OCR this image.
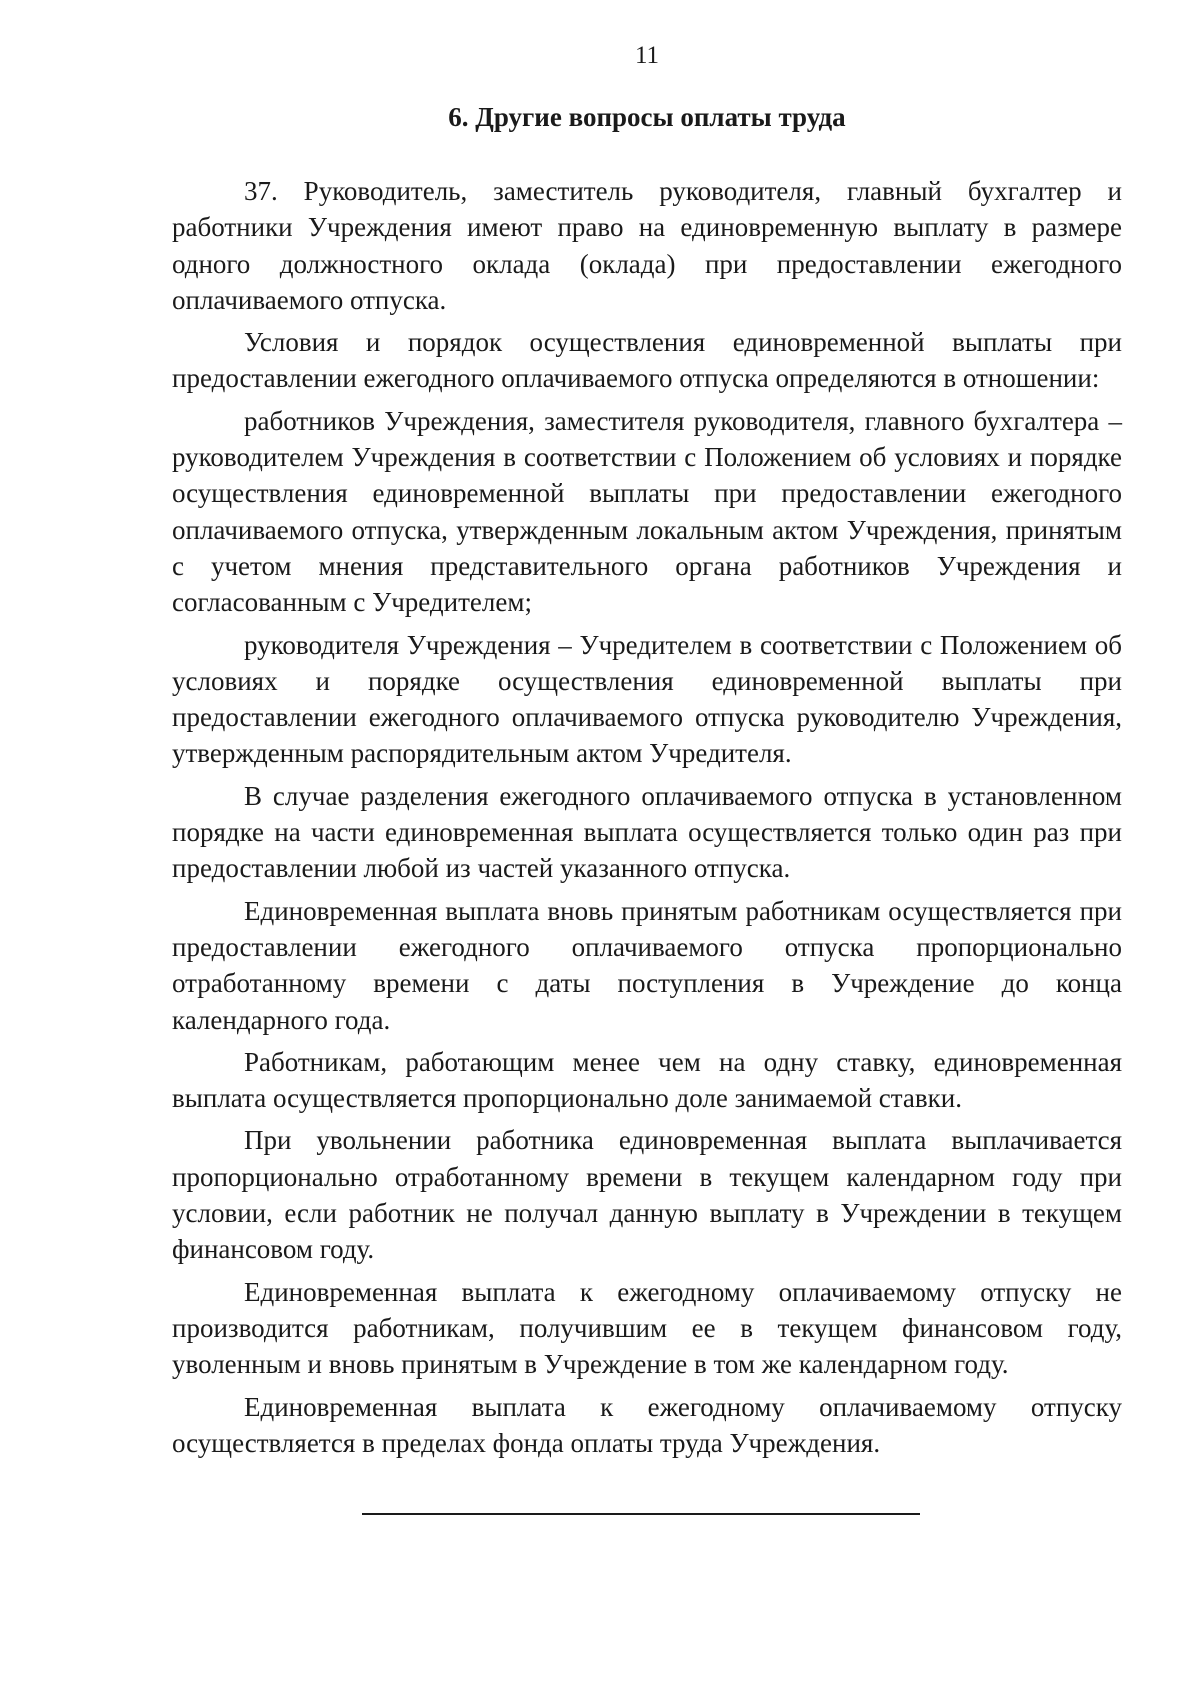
11
6. Другие вопросы оплаты труда

37. Руководитель, заместитель руководителя, главный бухгалтер и работники Учреждения имеют право на единовременную выплату в размере одного должностного оклада (оклада) при предоставлении ежегодного оплачиваемого отпуска.

Условия и порядок осуществления единовременной выплаты при предоставлении ежегодного оплачиваемого отпуска определяются в отношении:

работников Учреждения, заместителя руководителя, главного бухгалтера – руководителем Учреждения в соответствии с Положением об условиях и порядке осуществления единовременной выплаты при предоставлении ежегодного оплачиваемого отпуска, утвержденным локальным актом Учреждения, принятым с учетом мнения представительного органа работников Учреждения и согласованным с Учредителем;

руководителя Учреждения – Учредителем в соответствии с Положением об условиях и порядке осуществления единовременной выплаты при предоставлении ежегодного оплачиваемого отпуска руководителю Учреждения, утвержденным распорядительным актом Учредителя.

В случае разделения ежегодного оплачиваемого отпуска в установленном порядке на части единовременная выплата осуществляется только один раз при предоставлении любой из частей указанного отпуска.

Единовременная выплата вновь принятым работникам осуществляется при предоставлении ежегодного оплачиваемого отпуска пропорционально отработанному времени с даты поступления в Учреждение до конца календарного года.

Работникам, работающим менее чем на одну ставку, единовременная выплата осуществляется пропорционально доле занимаемой ставки.

При увольнении работника единовременная выплата выплачивается пропорционально отработанному времени в текущем календарном году при условии, если работник не получал данную выплату в Учреждении в текущем финансовом году.

Единовременная выплата к ежегодному оплачиваемому отпуску не производится работникам, получившим ее в текущем финансовом году, уволенным и вновь принятым в Учреждение в том же календарном году.

Единовременная выплата к ежегодному оплачиваемому отпуску осуществляется в пределах фонда оплаты труда Учреждения.
